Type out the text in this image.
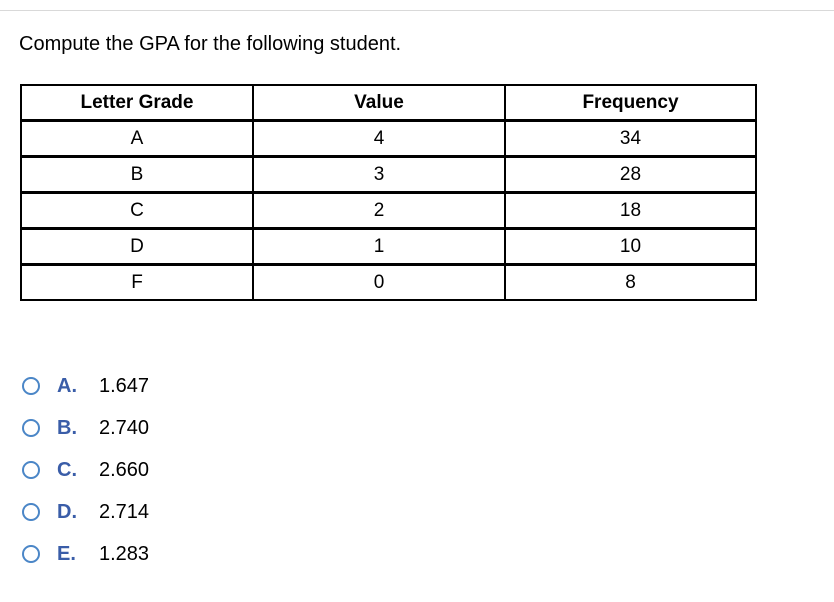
Compute the GPA for the following student.
Letter Grade	Value	Frequency
A	4	34
B	3	28
C	2	18
D	1	10
F	0	8
A.	1.647
B.	2.740
C.	2.660
D.	2.714
E.	1.283
